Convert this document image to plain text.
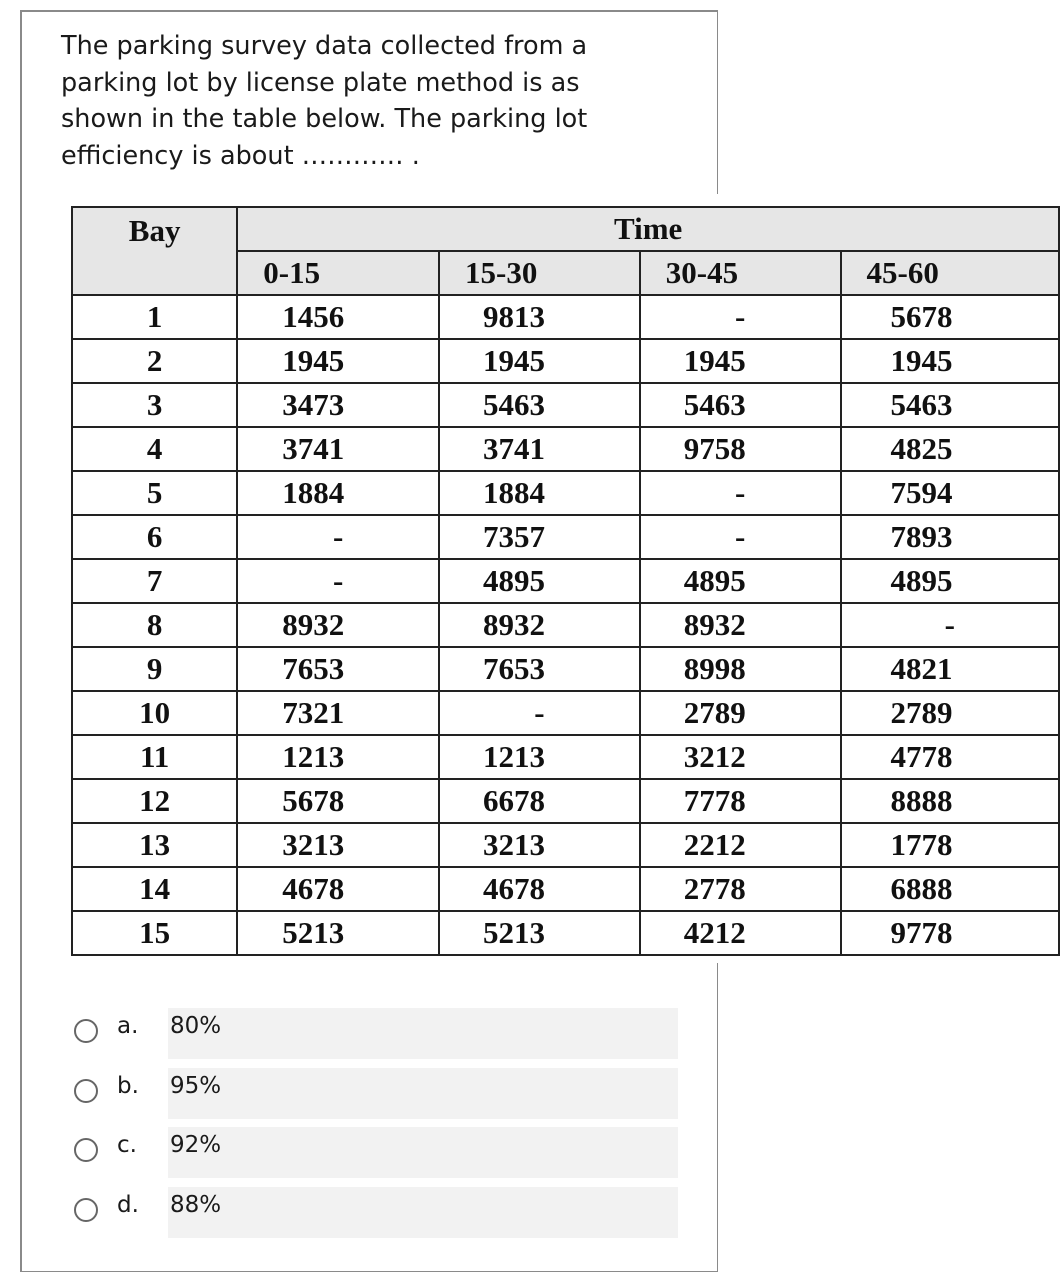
The parking survey data collected from a parking lot by license plate method is as shown in the table below. The parking lot efficiency is about ………… .

Bay	Time			
	0-15	15-30	30-45	45-60
1	1456	9813	-	5678
2	1945	1945	1945	1945
3	3473	5463	5463	5463
4	3741	3741	9758	4825
5	1884	1884	-	7594
6	-	7357	-	7893
7	-	4895	4895	4895
8	8932	8932	8932	-
9	7653	7653	8998	4821
10	7321	-	2789	2789
11	1213	1213	3212	4778
12	5678	6678	7778	8888
13	3213	3213	2212	1778
14	4678	4678	2778	6888
15	5213	5213	4212	9778
a. 80%
b. 95%
c. 92%
d. 88%
